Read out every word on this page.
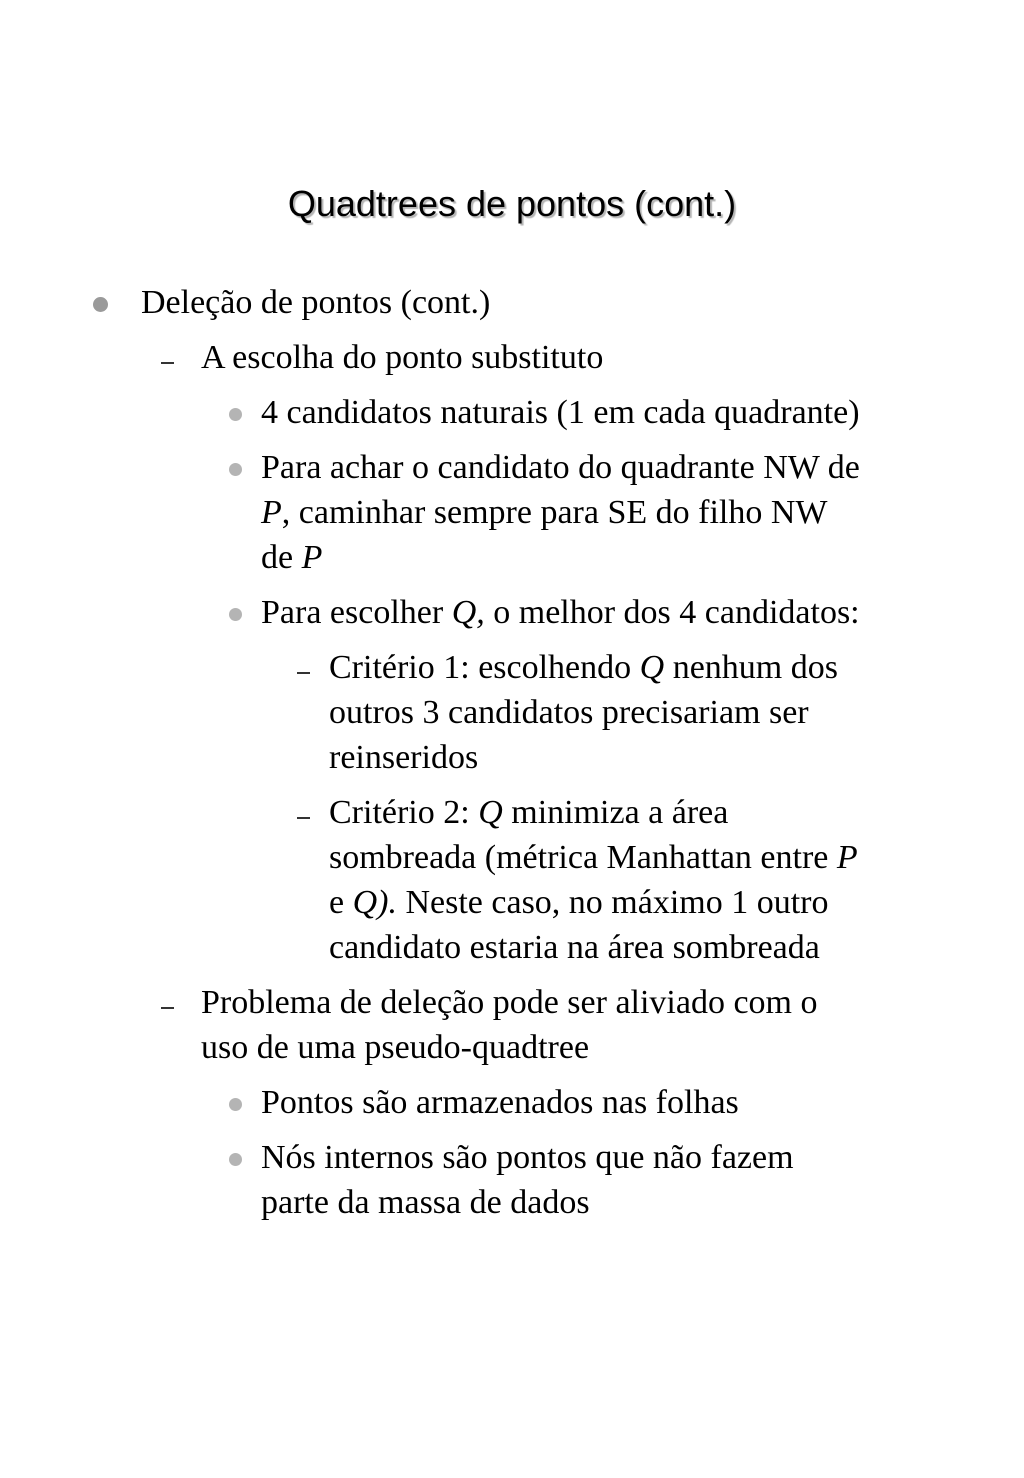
Quadtrees de pontos (cont.)
Deleção de pontos (cont.)
A escolha do ponto substituto
4 candidatos naturais (1 em cada quadrante)
Para achar o candidato do quadrante NW de
P, caminhar sempre para SE do filho NW
de P
Para escolher Q, o melhor dos 4 candidatos:
Critério 1: escolhendo Q nenhum dos
outros 3 candidatos precisariam ser
reinseridos
Critério 2: Q minimiza a área
sombreada (métrica Manhattan entre P
e Q). Neste caso, no máximo 1 outro
candidato estaria na área sombreada
Problema de deleção pode ser aliviado com o
uso de uma pseudo-quadtree
Pontos são armazenados nas folhas
Nós internos são pontos que não fazem
parte da massa de dados
